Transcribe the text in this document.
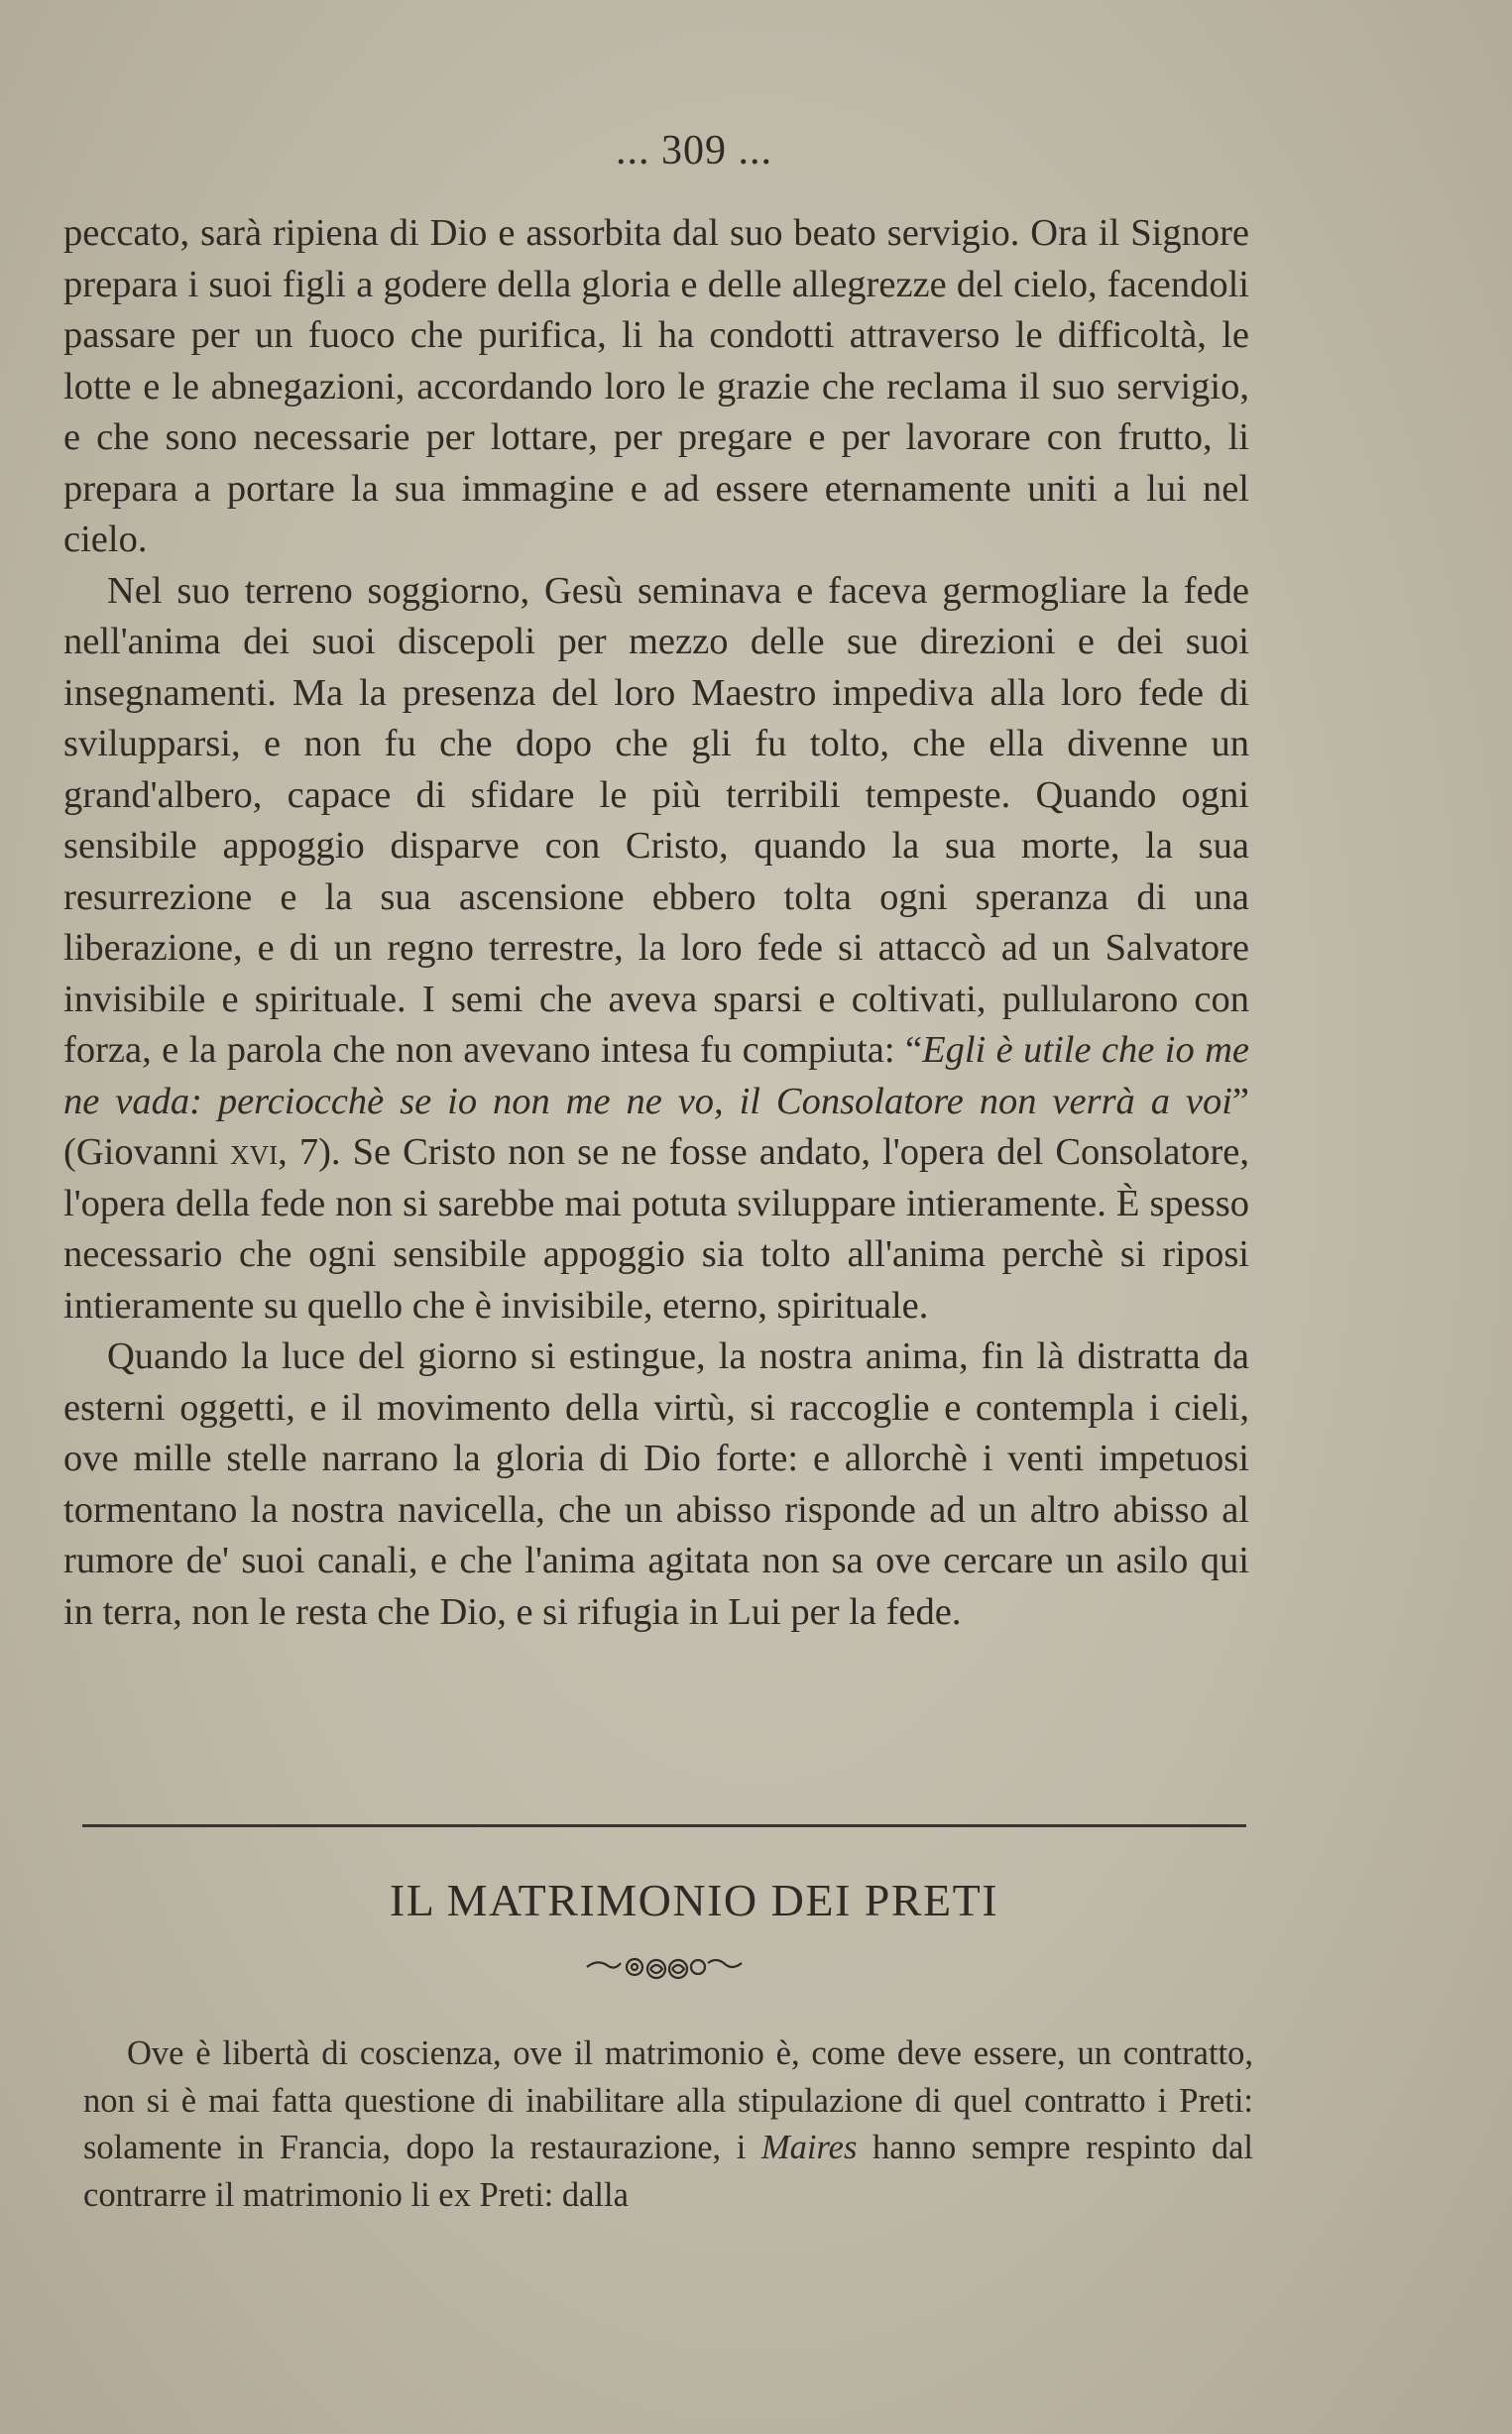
... 309 ...

peccato, sarà ripiena di Dio e assorbita dal suo beato servigio. Ora il Signore prepara i suoi figli a godere della gloria e delle allegrezze del cielo, facendoli passare per un fuoco che purifica, li ha condotti attraverso le difficoltà, le lotte e le abnegazioni, accordando loro le grazie che reclama il suo servigio, e che sono necessarie per lottare, per pregare e per lavorare con frutto, li prepara a portare la sua immagine e ad essere eternamente uniti a lui nel cielo.

Nel suo terreno soggiorno, Gesù seminava e faceva germogliare la fede nell'anima dei suoi discepoli per mezzo delle sue direzioni e dei suoi insegnamenti. Ma la presenza del loro Maestro impediva alla loro fede di svilupparsi, e non fu che dopo che gli fu tolto, che ella divenne un grand'albero, capace di sfidare le più terribili tempeste. Quando ogni sensibile appoggio disparve con Cristo, quando la sua morte, la sua resurrezione e la sua ascensione ebbero tolta ogni speranza di una liberazione, e di un regno terrestre, la loro fede si attaccò ad un Salvatore invisibile e spirituale. I semi che aveva sparsi e coltivati, pullularono con forza, e la parola che non avevano intesa fu compiuta: “Egli è utile che io me ne vada: perciocchè se io non me ne vo, il Consolatore non verrà a voi” (Giovanni xvi, 7). Se Cristo non se ne fosse andato, l'opera del Consolatore, l'opera della fede non si sarebbe mai potuta sviluppare intieramente. È spesso necessario che ogni sensibile appoggio sia tolto all'anima perchè si riposi intieramente su quello che è invisibile, eterno, spirituale.

Quando la luce del giorno si estingue, la nostra anima, fin là distratta da esterni oggetti, e il movimento della virtù, si raccoglie e contempla i cieli, ove mille stelle narrano la gloria di Dio forte: e allorchè i venti impetuosi tormentano la nostra navicella, che un abisso risponde ad un altro abisso al rumore de' suoi canali, e che l'anima agitata non sa ove cercare un asilo qui in terra, non le resta che Dio, e si rifugia in Lui per la fede.

IL MATRIMONIO DEI PRETI

Ove è libertà di coscienza, ove il matrimonio è, come deve essere, un contratto, non si è mai fatta questione di inabilitare alla stipulazione di quel contratto i Preti: solamente in Francia, dopo la restaurazione, i Maires hanno sempre respinto dal contrarre il matrimonio li ex Preti: dalla
